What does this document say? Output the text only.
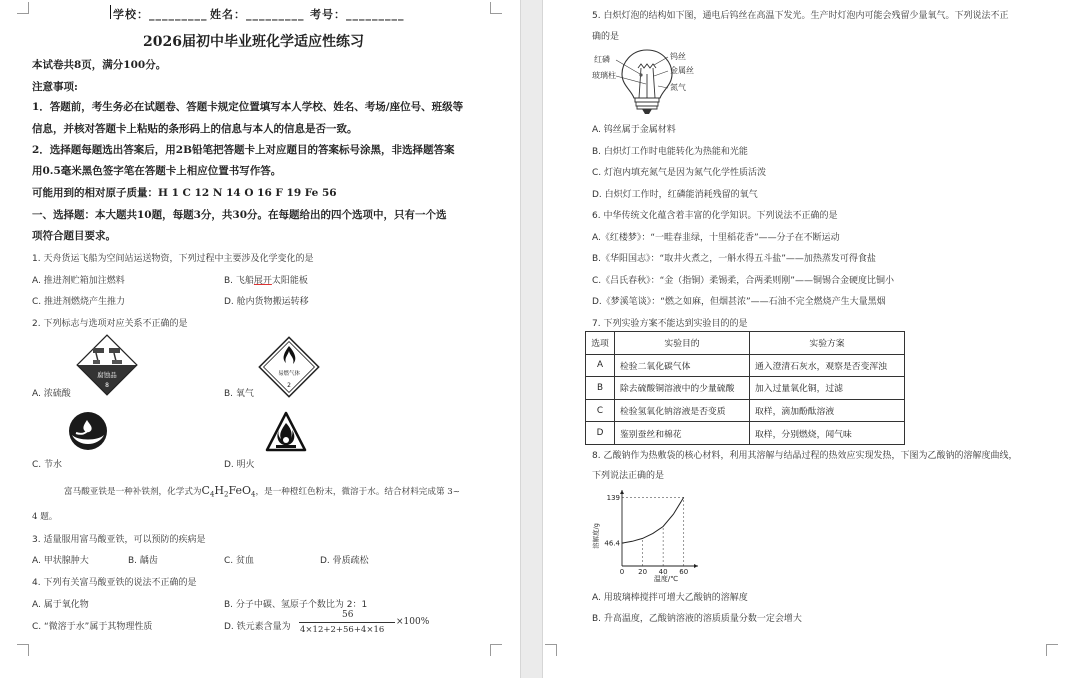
学校：_________ 姓名：_________ 考号：_________
2026届初中毕业班化学适应性练习
本试卷共8页，满分100分。
注意事项:
1．答题前，考生务必在试题卷、答题卡规定位置填写本人学校、姓名、考场/座位号、班级等
信息，并核对答题卡上粘贴的条形码上的信息与本人的信息是否一致。
2．选择题每题选出答案后，用2B铅笔把答题卡上对应题目的答案标号涂黑，非选择题答案
用0.5毫米黑色签字笔在答题卡上相应位置书写作答。
可能用到的相对原子质量：H 1 C 12 N 14 O 16 F 19 Fe 56
一、选择题：本大题共10题，每题3分，共30分。在每题给出的四个选项中，只有一个选
项符合题目要求。
1. 天舟货运飞船为空间站运送物资，下列过程中主要涉及化学变化的是
A. 推进剂贮箱加注燃料	B. 飞船展开太阳能板
C. 推进剂燃烧产生推力	D. 舱内货物搬运转移
2. 下列标志与选项对应关系不正确的是
腐蚀品
8
A. 浓硫酸
易燃气体
2
B. 氧气
C. 节水	D. 明火
富马酸亚铁是一种补铁剂，化学式为$C_4H_2FeO_4$，是一种橙红色粉末，微溶于水。结合材料完成第 3~
4 题。
3. 适量服用富马酸亚铁，可以预防的疾病是
A. 甲状腺肿大	B. 龋齿	C. 贫血	D. 骨质疏松
4. 下列有关富马酸亚铁的说法不正确的是
A. 属于氧化物	B. 分子中碳、氢原子个数比为 2：1
C. “微溶于水”属于其物理性质	D. 铁元素含量为
56
4×12+2+56+4×16
×100%
5. 白炽灯泡的结构如下图，通电后钨丝在高温下发光。生产时灯泡内可能会残留少量氧气。下列说法不正
确的是
红磷
玻璃柱
钨丝
金属丝
氮气
A. 钨丝属于金属材料
B. 白炽灯工作时电能转化为热能和光能
C. 灯泡内填充氮气是因为氮气化学性质活泼
D. 白炽灯工作时，红磷能消耗残留的氧气
6. 中华传统文化蕴含着丰富的化学知识。下列说法不正确的是
A.《红楼梦》：“一畦春韭绿，十里稻花香”——分子在不断运动
B.《华阳国志》：“取井火煮之，一斛水得五斗盐”——加热蒸发可得食盐
C.《吕氏春秋》：“金（指铜）柔锡柔，合两柔则刚”——铜锡合金硬度比铜小
D.《梦溪笔谈》：“燃之如麻，但烟甚浓”——石油不完全燃烧产生大量黑烟
7. 下列实验方案不能达到实验目的的是
选项	实验目的	实验方案
A	检验二氧化碳气体	通入澄清石灰水，观察是否变浑浊
B	除去硫酸铜溶液中的少量硫酸	加入过量氧化铜，过滤
C	检验氢氧化钠溶液是否变质	取样，滴加酚酞溶液
D	鉴别蚕丝和棉花	取样，分别燃烧，闻气味
8. 乙酸钠作为热敷袋的核心材料，利用其溶解与结晶过程的热效应实现发热，下图为乙酸钠的溶解度曲线，
下列说法正确的是
46.4
139
0 20 40 60
溶解度/g
温度/℃
A. 用玻璃棒搅拌可增大乙酸钠的溶解度
B. 升高温度，乙酸钠溶液的溶质质量分数一定会增大
